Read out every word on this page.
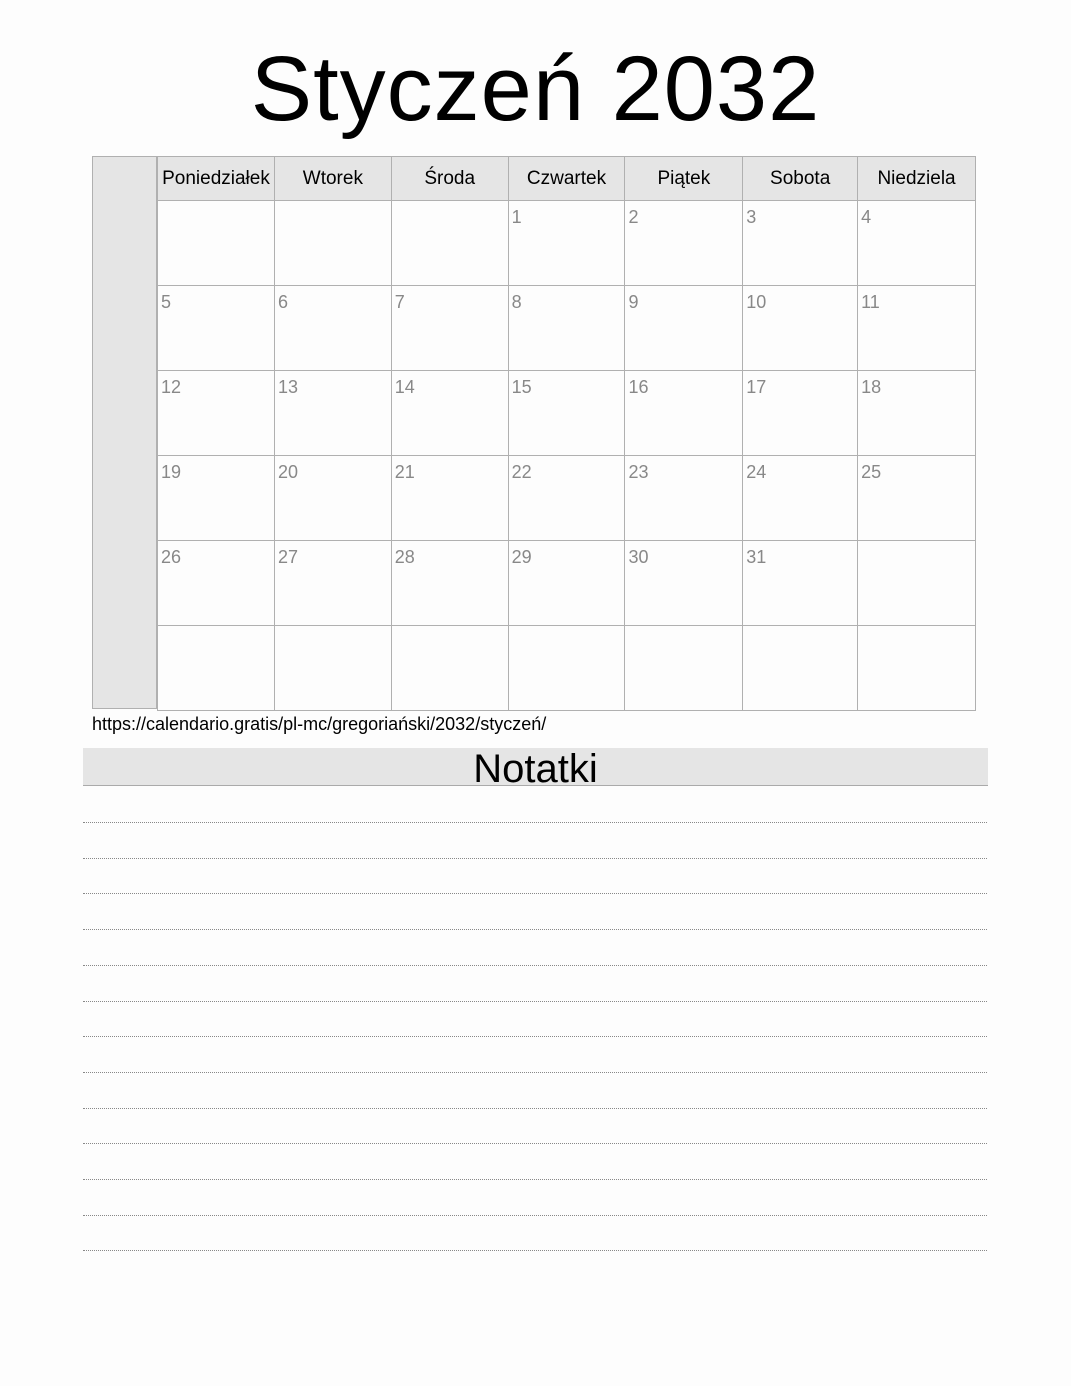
Styczeń 2032
Poniedziałek	Wtorek	Środa	Czwartek	Piątek	Sobota	Niedziela

			1	2	3	4

5	6	7	8	9	10	11

12	13	14	15	16	17	18

19	20	21	22	23	24	25

26	27	28	29	30	31	

https://calendario.gratis/pl-mc/gregoriański/2032/styczeń/
Notatki
